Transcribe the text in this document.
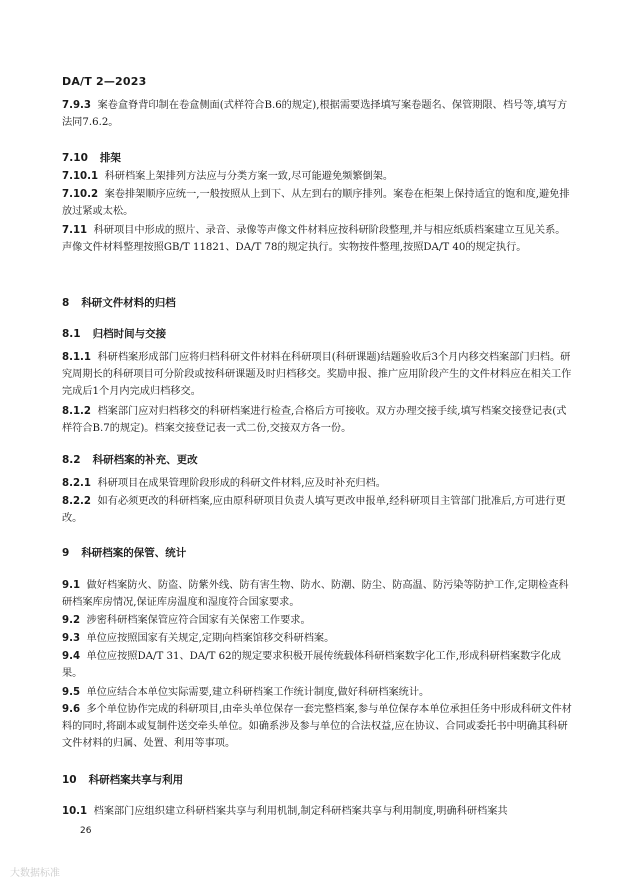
DA/T 2—2023
7.9.3 案卷盒脊背印制在卷盒侧面(式样符合B.6的规定),根据需要选择填写案卷题名、保管期限、档号等,填写方法同7.6.2。
7.10 排架
7.10.1 科研档案上架排列方法应与分类方案一致,尽可能避免频繁倒架。
7.10.2 案卷排架顺序应统一,一般按照从上到下、从左到右的顺序排列。案卷在柜架上保持适宜的饱和度,避免排放过紧或太松。
7.11 科研项目中形成的照片、录音、录像等声像文件材料应按科研阶段整理,并与相应纸质档案建立互见关系。声像文件材料整理按照GB/T 11821、DA/T 78的规定执行。实物按件整理,按照DA/T 40的规定执行。
8 科研文件材料的归档
8.1 归档时间与交接
8.1.1 科研档案形成部门应将归档科研文件材料在科研项目(科研课题)结题验收后3个月内移交档案部门归档。研究周期长的科研项目可分阶段或按科研课题及时归档移交。奖励申报、推广应用阶段产生的文件材料应在相关工作完成后1个月内完成归档移交。
8.1.2 档案部门应对归档移交的科研档案进行检查,合格后方可接收。双方办理交接手续,填写档案交接登记表(式样符合B.7的规定)。档案交接登记表一式二份,交接双方各一份。
8.2 科研档案的补充、更改
8.2.1 科研项目在成果管理阶段形成的科研文件材料,应及时补充归档。
8.2.2 如有必须更改的科研档案,应由原科研项目负责人填写更改申报单,经科研项目主管部门批准后,方可进行更改。
9 科研档案的保管、统计
9.1 做好档案防火、防盗、防紫外线、防有害生物、防水、防潮、防尘、防高温、防污染等防护工作,定期检查科研档案库房情况,保证库房温度和湿度符合国家要求。
9.2 涉密科研档案保管应符合国家有关保密工作要求。
9.3 单位应按照国家有关规定,定期向档案馆移交科研档案。
9.4 单位应按照DA/T 31、DA/T 62的规定要求积极开展传统载体科研档案数字化工作,形成科研档案数字化成果。
9.5 单位应结合本单位实际需要,建立科研档案工作统计制度,做好科研档案统计。
9.6 多个单位协作完成的科研项目,由牵头单位保存一套完整档案,参与单位保存本单位承担任务中形成科研文件材料的同时,将副本或复制件送交牵头单位。如确系涉及参与单位的合法权益,应在协议、合同或委托书中明确其科研文件材料的归属、处置、利用等事项。
10 科研档案共享与利用
10.1 档案部门应组织建立科研档案共享与利用机制,制定科研档案共享与利用制度,明确科研档案共
26
大数据标准
